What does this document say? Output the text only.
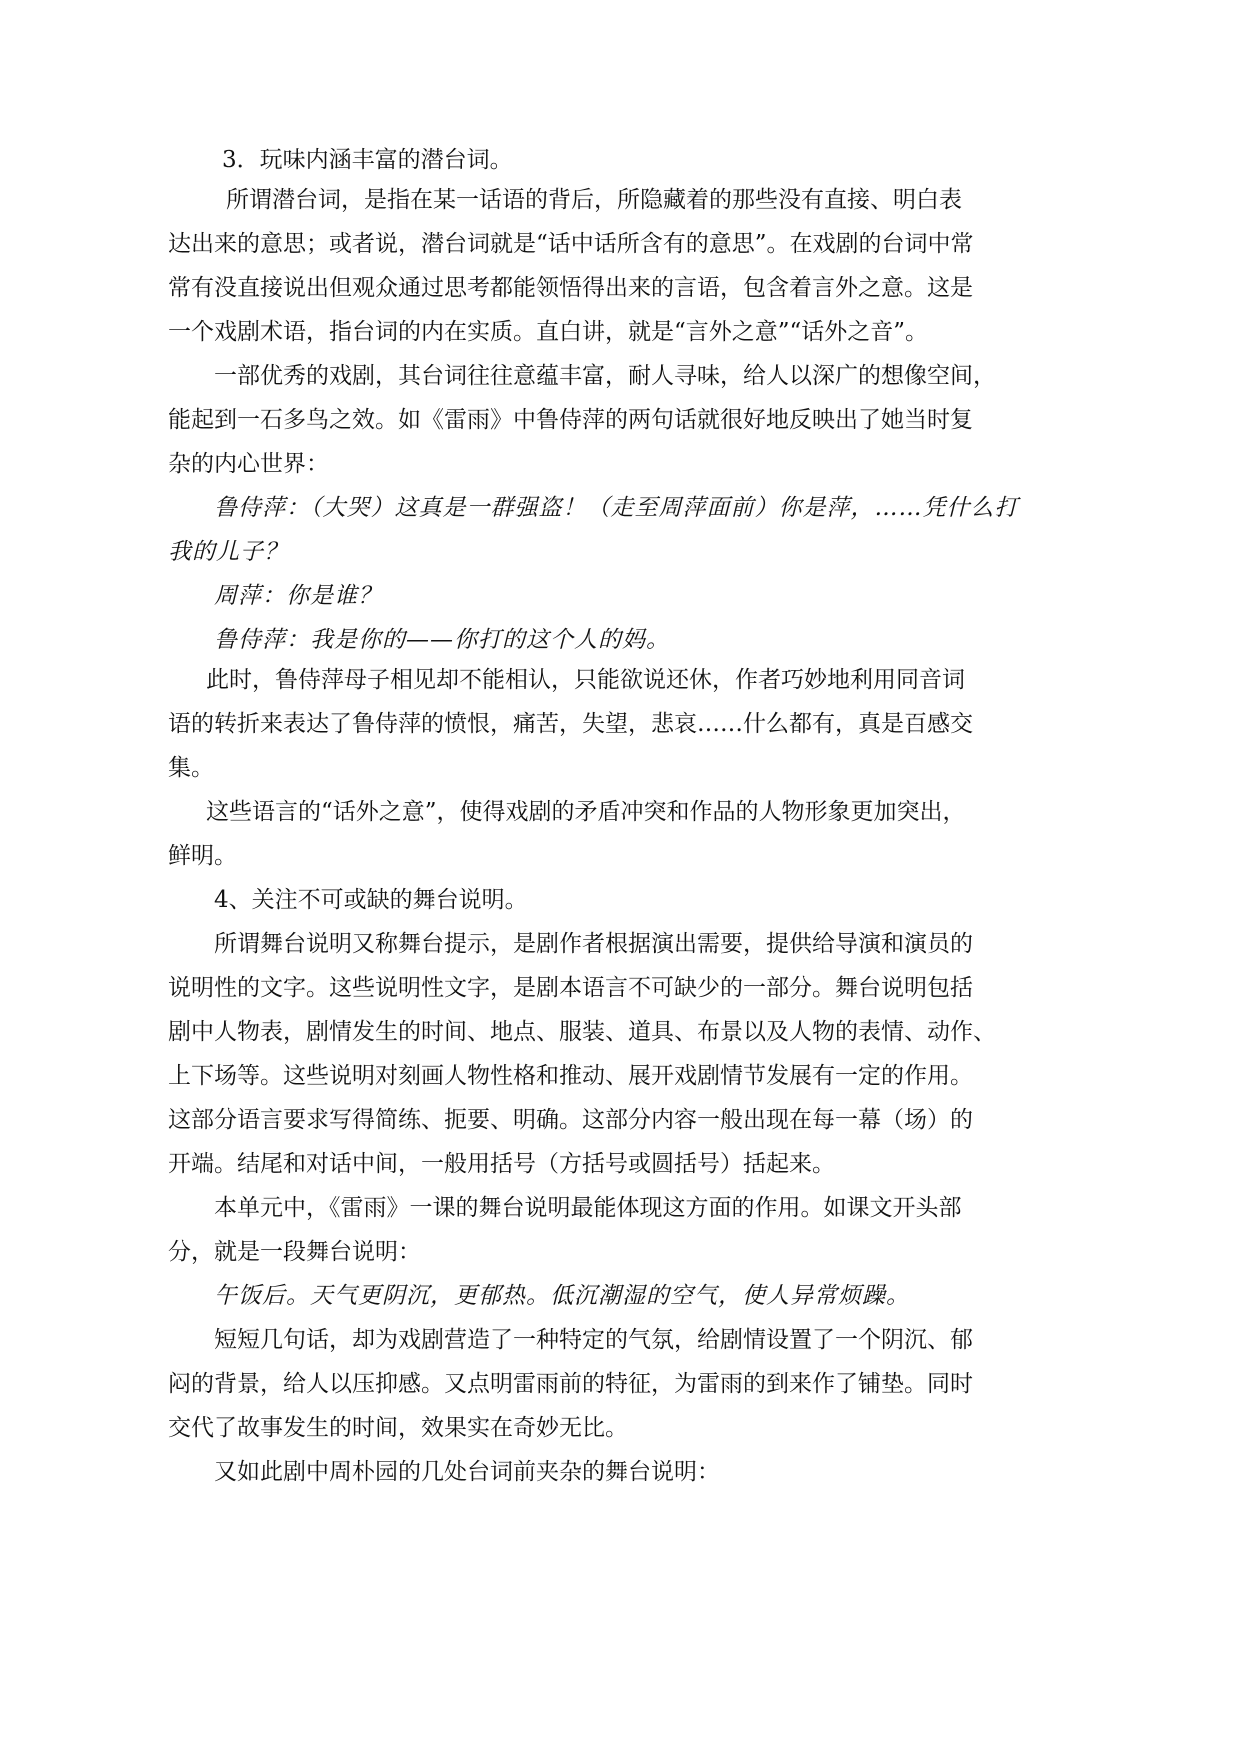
3．玩味内涵丰富的潜台词。

所谓潜台词，是指在某一话语的背后，所隐藏着的那些没有直接、明白表

达出来的意思；或者说，潜台词就是“话中话所含有的意思”。在戏剧的台词中常

常有没直接说出但观众通过思考都能领悟得出来的言语，包含着言外之意。这是

一个戏剧术语，指台词的内在实质。直白讲，就是“言外之意”“话外之音”。

一部优秀的戏剧，其台词往往意蕴丰富，耐人寻味，给人以深广的想像空间，

能起到一石多鸟之效。如《雷雨》中鲁侍萍的两句话就很好地反映出了她当时复

杂的内心世界：

鲁侍萍：（大哭）这真是一群强盗！（走至周萍面前）你是萍，……凭什么打

我的儿子？

周萍：你是谁？

鲁侍萍：我是你的——你打的这个人的妈。

此时，鲁侍萍母子相见却不能相认，只能欲说还休，作者巧妙地利用同音词

语的转折来表达了鲁侍萍的愤恨，痛苦，失望，悲哀……什么都有，真是百感交

集。

这些语言的“话外之意”，使得戏剧的矛盾冲突和作品的人物形象更加突出，

鲜明。

4、关注不可或缺的舞台说明。

所谓舞台说明又称舞台提示，是剧作者根据演出需要，提供给导演和演员的

说明性的文字。这些说明性文字，是剧本语言不可缺少的一部分。舞台说明包括

剧中人物表，剧情发生的时间、地点、服装、道具、布景以及人物的表情、动作、

上下场等。这些说明对刻画人物性格和推动、展开戏剧情节发展有一定的作用。

这部分语言要求写得简练、扼要、明确。这部分内容一般出现在每一幕（场）的

开端。结尾和对话中间，一般用括号（方括号或圆括号）括起来。

本单元中，《雷雨》一课的舞台说明最能体现这方面的作用。如课文开头部

分，就是一段舞台说明：

午饭后。天气更阴沉，更郁热。低沉潮湿的空气，使人异常烦躁。

短短几句话，却为戏剧营造了一种特定的气氛，给剧情设置了一个阴沉、郁

闷的背景，给人以压抑感。又点明雷雨前的特征，为雷雨的到来作了铺垫。同时

交代了故事发生的时间，效果实在奇妙无比。

又如此剧中周朴园的几处台词前夹杂的舞台说明：
